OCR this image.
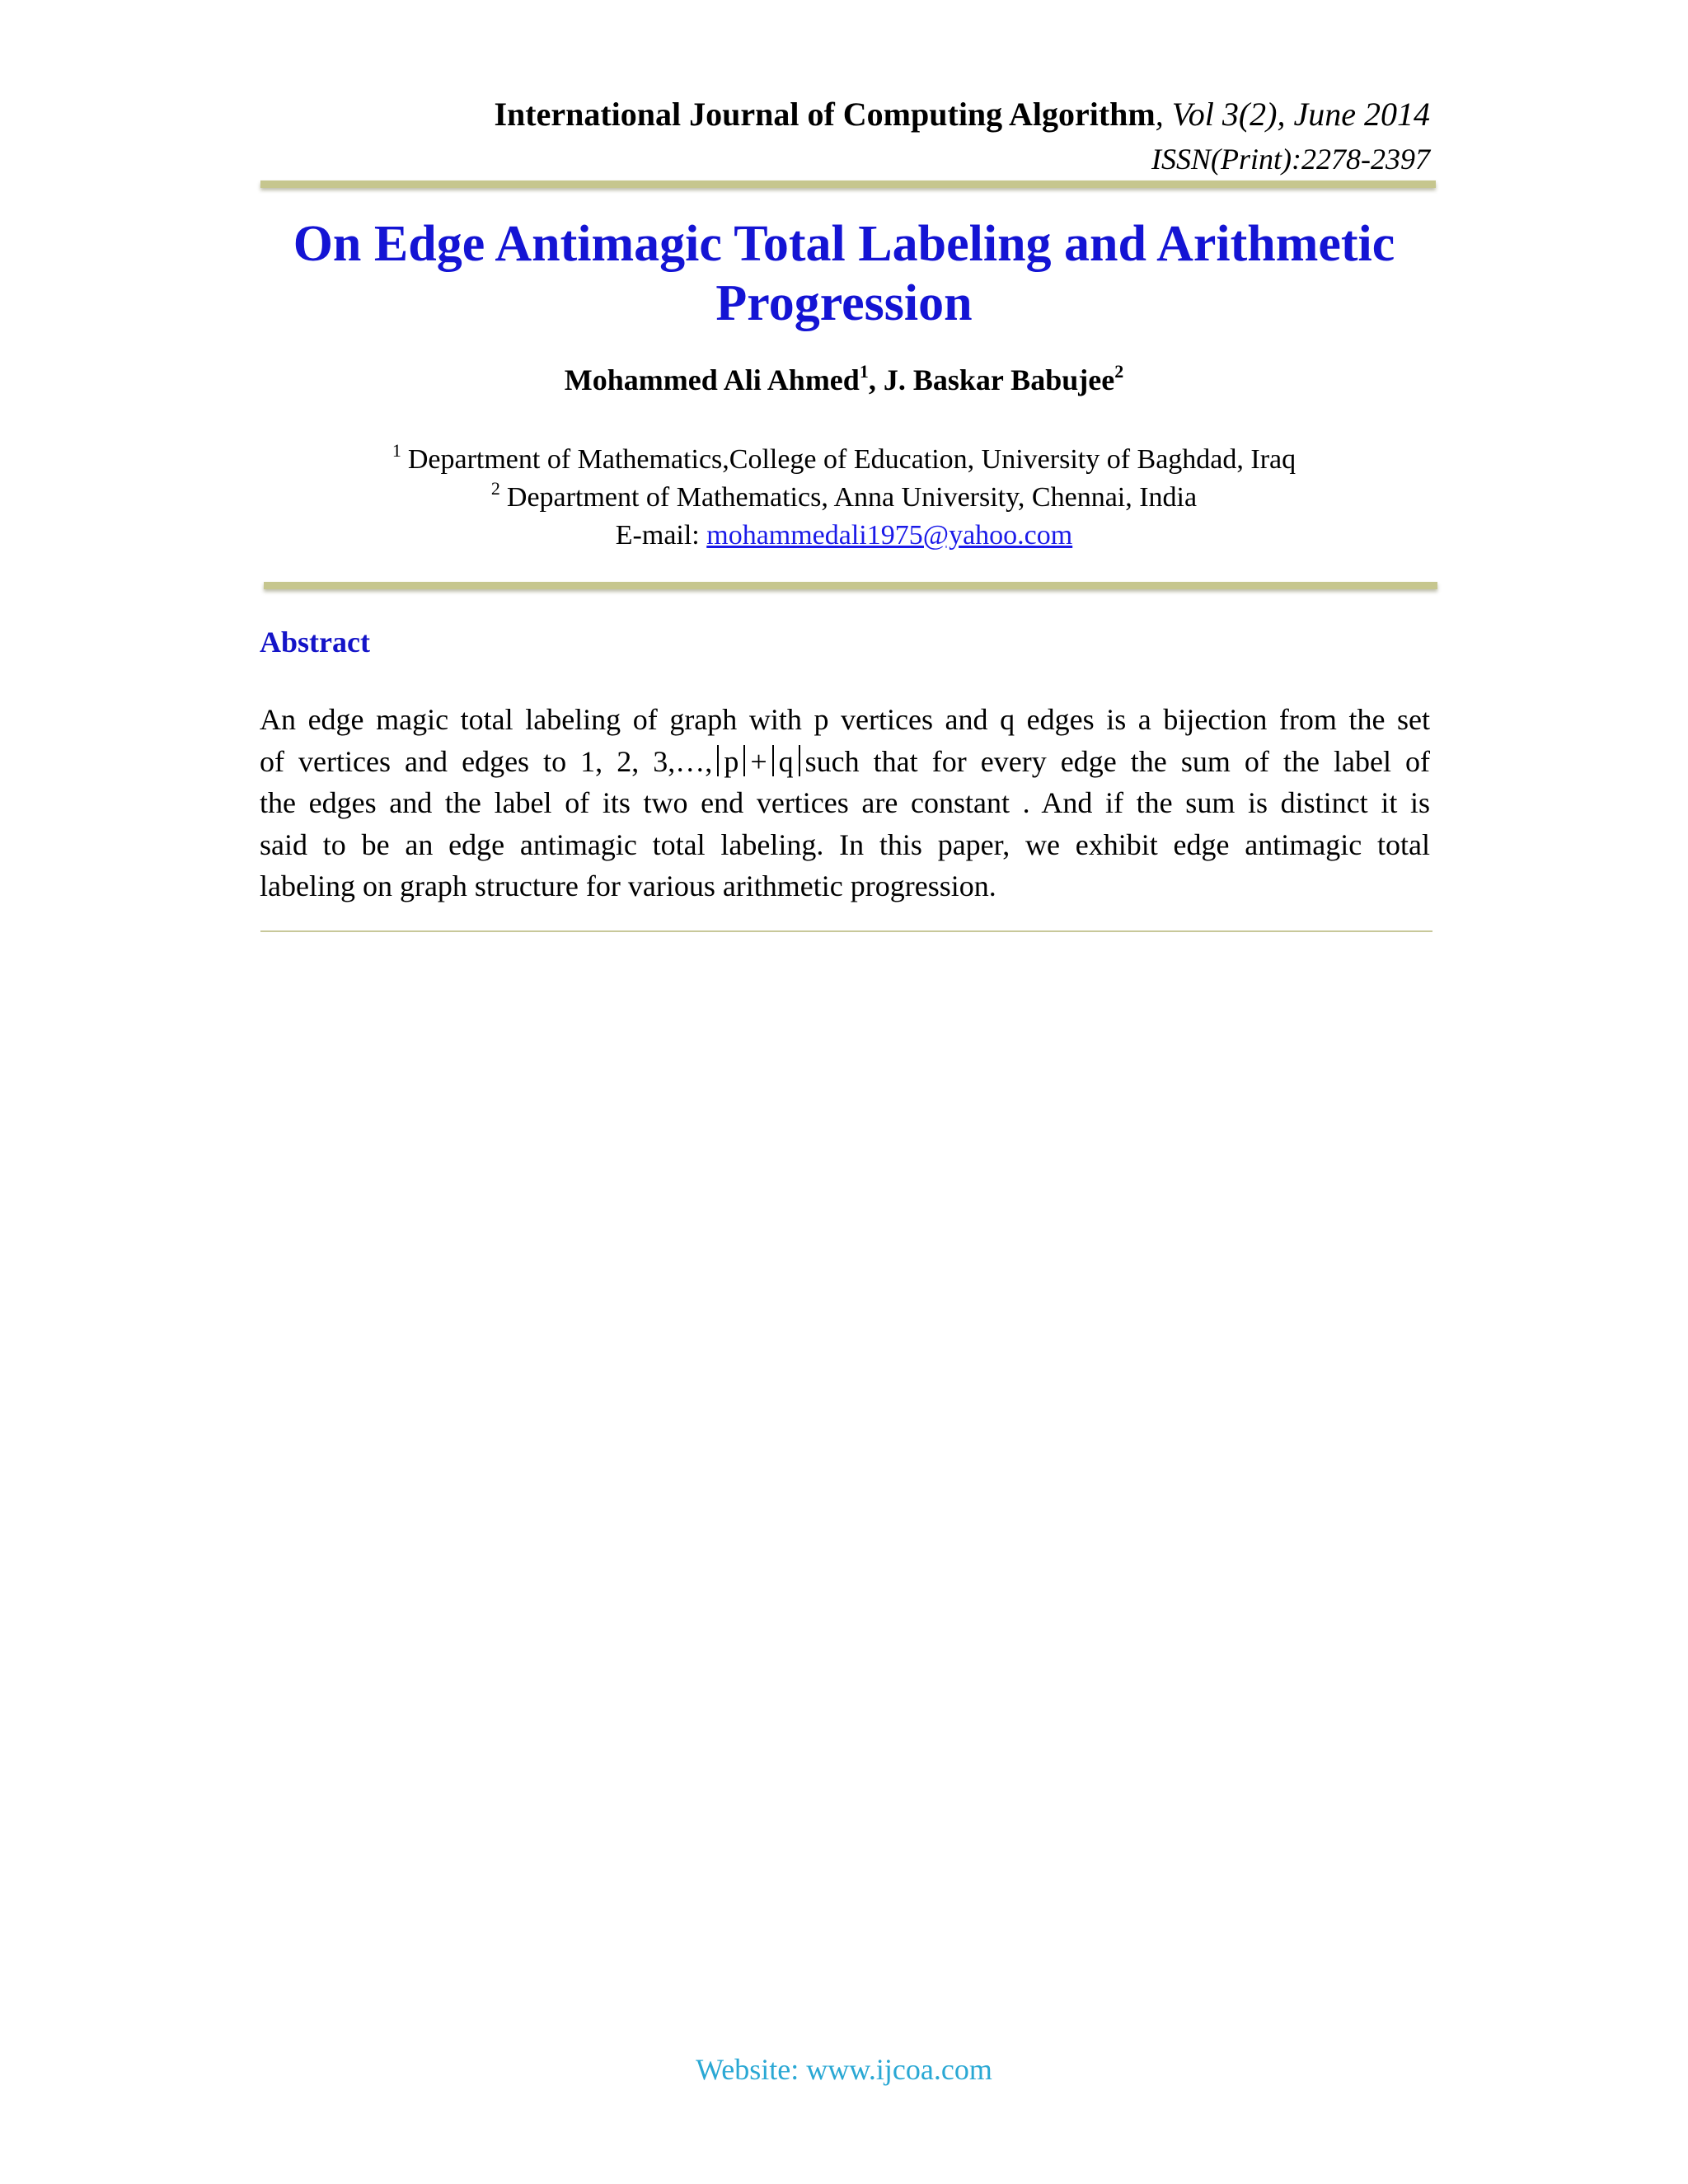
International Journal of Computing Algorithm, Vol 3(2), June 2014
ISSN(Print):2278-2397
On Edge Antimagic Total Labeling and Arithmetic
Progression
Mohammed Ali Ahmed$^1$, J. Baskar Babujee$^2$
$^1$ Department of Mathematics,College of Education, University of Baghdad, Iraq
$^2$ Department of Mathematics, Anna University, Chennai, India
E-mail: mohammedali1975@yahoo.com
Abstract
An edge magic total labeling of graph with p vertices and q edges is a bijection from the set
of vertices and edges to 1, 2, 3,…, p + q such that for every edge the sum of the label of
the edges and the label of its two end vertices are constant . And if the sum is distinct it is
said to be an edge antimagic total labeling. In this paper, we exhibit edge antimagic total
labeling on graph structure for various arithmetic progression.
Website: www.ijcoa.com
